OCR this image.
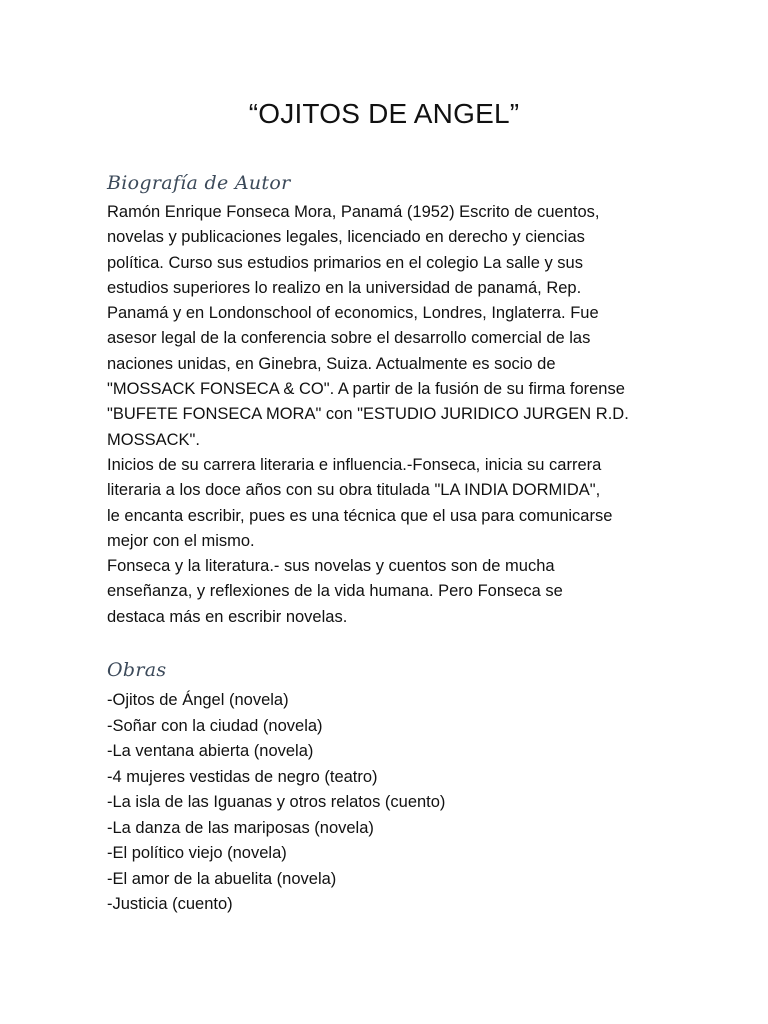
“OJITOS DE ANGEL”
Biografía de Autor
Ramón Enrique Fonseca Mora, Panamá (1952) Escrito de cuentos,
novelas y publicaciones legales, licenciado en derecho y ciencias
política. Curso sus estudios primarios en el colegio La salle y sus
estudios superiores lo realizo en la universidad de panamá, Rep.
Panamá y en Londonschool of economics, Londres, Inglaterra. Fue
asesor legal de la conferencia sobre el desarrollo comercial de las
naciones unidas, en Ginebra, Suiza. Actualmente es socio de
"MOSSACK FONSECA & CO". A partir de la fusión de su firma forense
"BUFETE FONSECA MORA" con "ESTUDIO JURIDICO JURGEN R.D.
MOSSACK".
Inicios de su carrera literaria e influencia.-Fonseca, inicia su carrera
literaria a los doce años con su obra titulada "LA INDIA DORMIDA",
le encanta escribir, pues es una técnica que el usa para comunicarse
mejor con el mismo.
Fonseca y la literatura.- sus novelas y cuentos son de mucha
enseñanza, y reflexiones de la vida humana. Pero Fonseca se
destaca más en escribir novelas.
Obras
-Ojitos de Ángel (novela)
-Soñar con la ciudad (novela)
-La ventana abierta (novela)
-4 mujeres vestidas de negro (teatro)
-La isla de las Iguanas y otros relatos (cuento)
-La danza de las mariposas (novela)
-El político viejo (novela)
-El amor de la abuelita (novela)
-Justicia (cuento)
